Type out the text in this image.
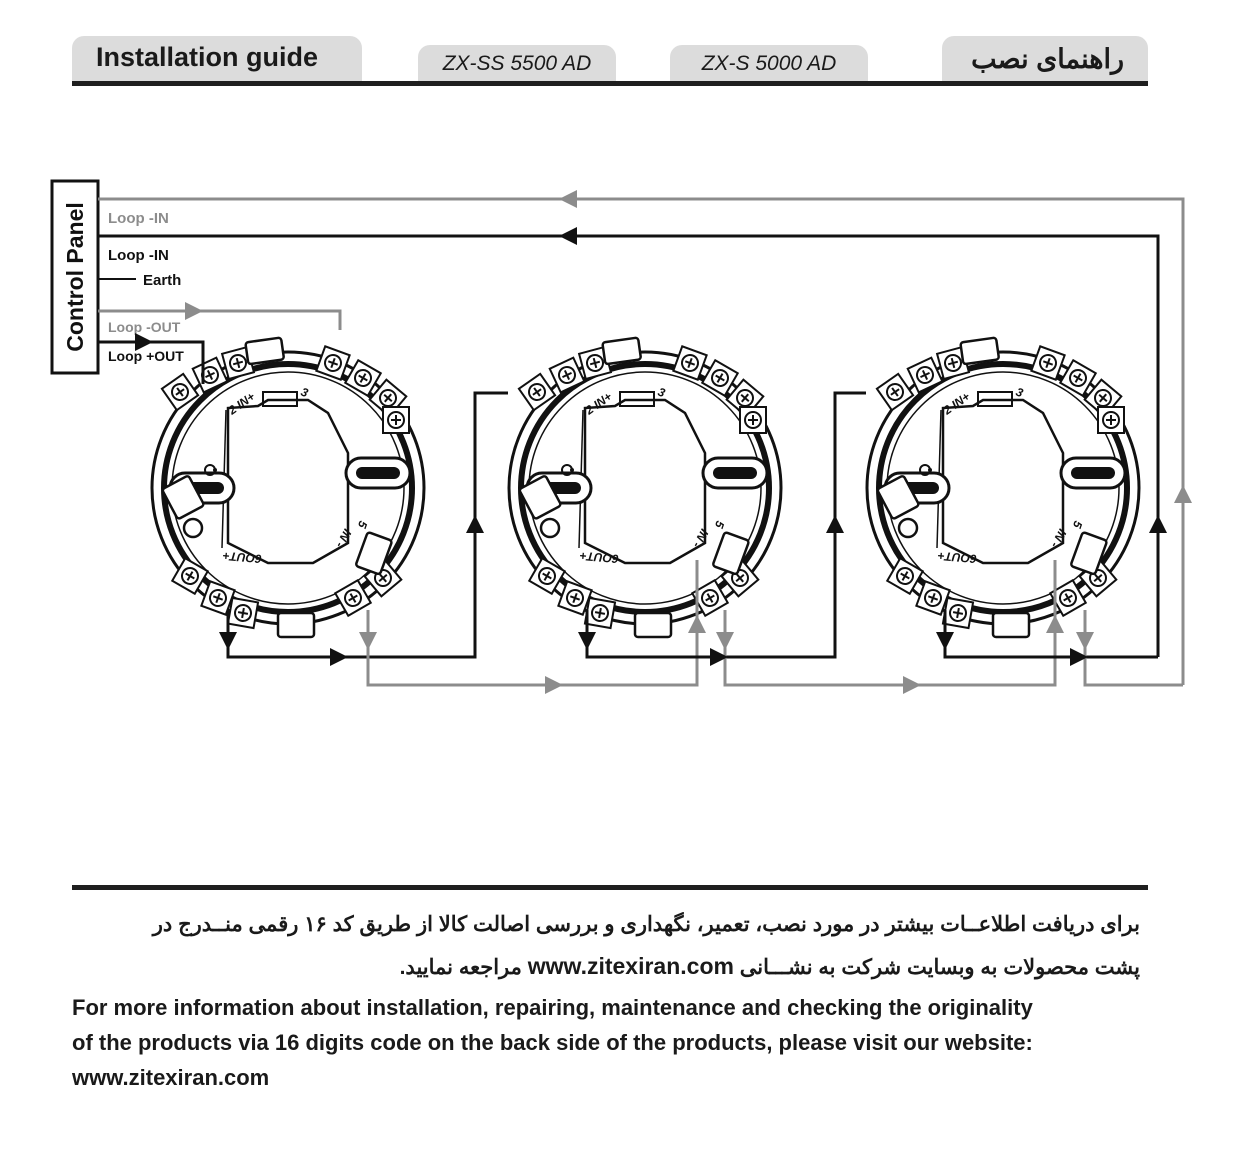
Installation guide	ZX-SS 5500 AD	ZX-S 5000 AD	راهنمای نصب
Control Panel Loop -IN
Loop -IN
Earth
Loop -OUT
Loop +OUT
2 IN+	3
5
IN -
6OUT+
2 IN+	3
5
IN -
6OUT+
2 IN+	3
5
IN -
6OUT+
برای دریافت اطلاعــات بیشتر در مورد نصب، تعمیر، نگهداری و بررسی اصالت کالا از طریق کد ۱۶ رقمی منــدرج در
پشت محصولات به وبسایت شرکت به نشـــانی www.zitexiran.com مراجعه نمایید.
For more information about installation, repairing, maintenance and checking the originality
of the products via 16 digits code on the back side of the products, please visit our website:
www.zitexiran.com
